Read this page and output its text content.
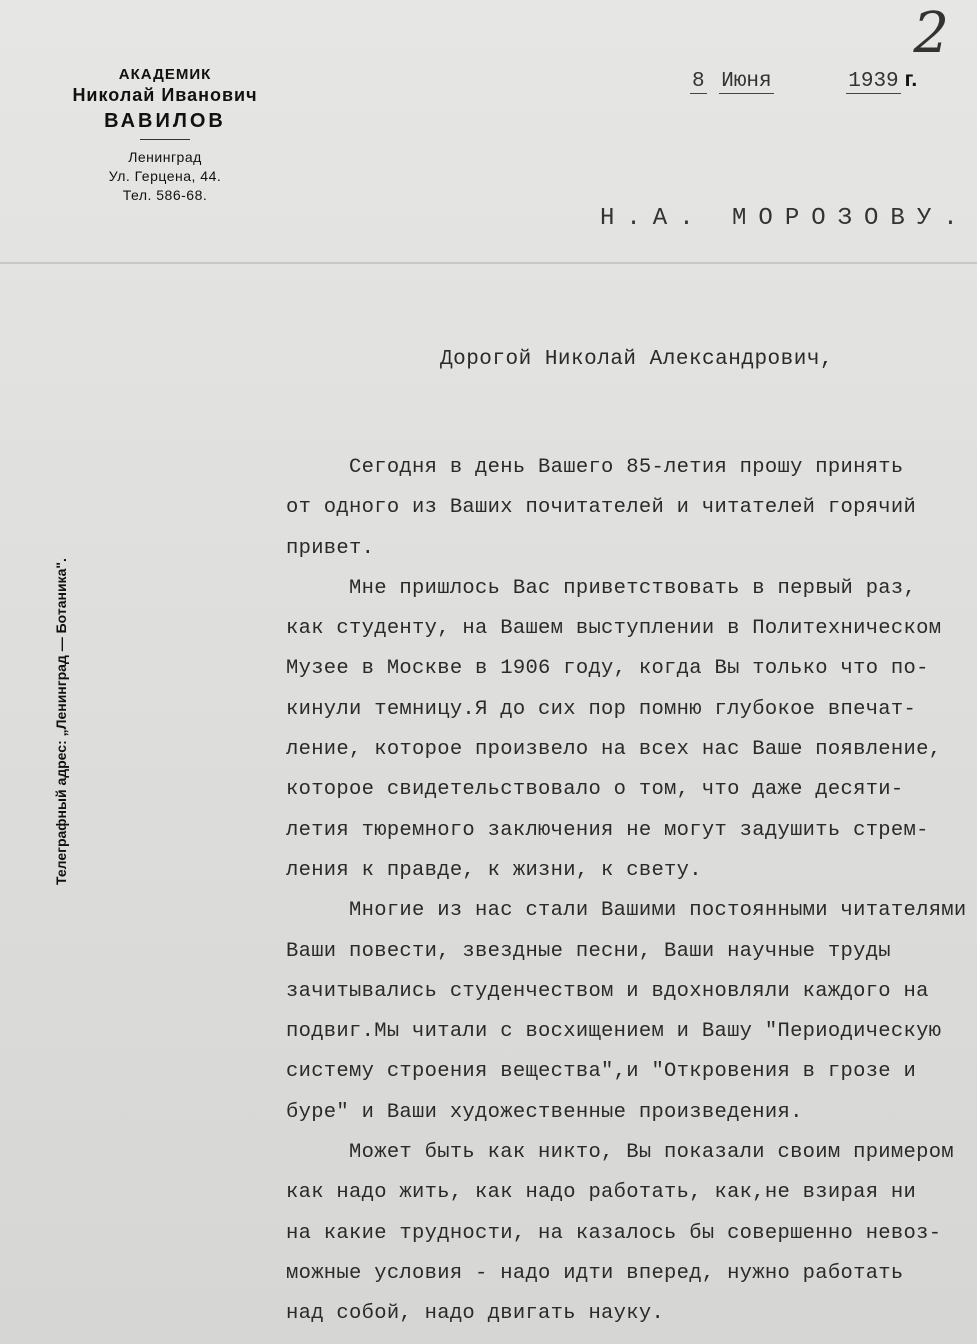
2
АКАДЕМИК
Николай Иванович
ВАВИЛОВ
Ленинград
Ул. Герцена, 44.
Тел. 586-68.
Телеграфный адрес: „Ленинград — Ботаника".
8 Июня	1939 г.
Н.А. МОРОЗОВУ.
Дорогой Николай Александрович,
Сегодня в день Вашего 85-летия прошу принять
от одного из Ваших почитателей и читателей горячий
привет.
Мне пришлось Вас приветствовать в первый раз,
как студенту, на Вашем выступлении в Политехническом
Музее в Москве в 1906 году, когда Вы только что по-
кинули темницу.Я до сих пор помню глубокое впечат-
ление, которое произвело на всех нас Ваше появление,
которое свидетельствовало о том, что даже десяти-
летия тюремного заключения не могут задушить стрем-
ления к правде, к жизни, к свету.
Многие из нас стали Вашими постоянными читателями
Ваши повести, звездные песни, Ваши научные труды
зачитывались студенчеством и вдохновляли каждого на
подвиг.Мы читали с восхищением и Вашу "Периодическую
систему строения вещества",и "Откровения в грозе и
буре" и Ваши художественные произведения.
Может быть как никто, Вы показали своим примером
как надо жить, как надо работать, как,не взирая ни
на какие трудности, на казалось бы совершенно невоз-
можные условия - надо идти вперед, нужно работать
над собой, надо двигать науку.
